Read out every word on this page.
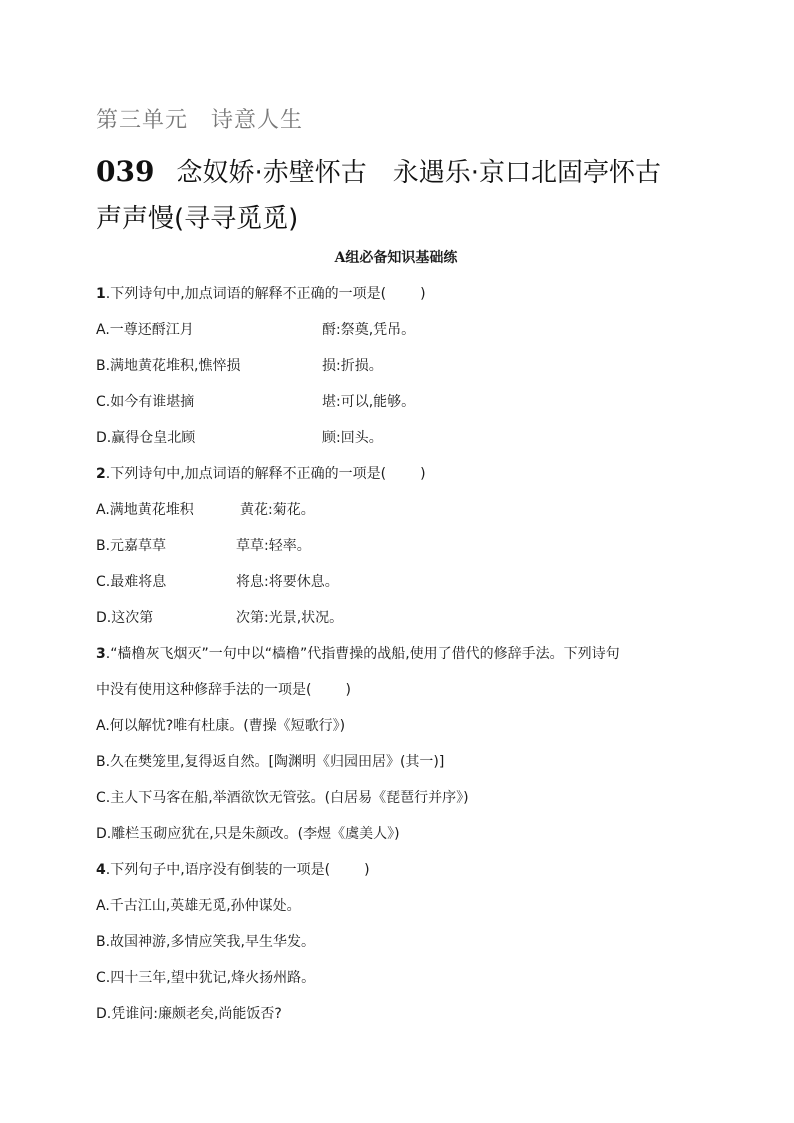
第三单元　诗意人生
039 念奴娇·赤壁怀古　永遇乐·京口北固亭怀古
声声慢(寻寻觅觅)
A组必备知识基础练
1.下列诗句中,加点词语的解释不正确的一项是( )
A.一尊还酹江月	酹:祭奠,凭吊。
B.满地黄花堆积,憔悴损	损:折损。
C.如今有谁堪摘	堪:可以,能够。
D.赢得仓皇北顾	顾:回头。
2.下列诗句中,加点词语的解释不正确的一项是( )
A.满地黄花堆积	黄花:菊花。
B.元嘉草草	草草:轻率。
C.最难将息	将息:将要休息。
D.这次第	次第:光景,状况。
3.“樯橹灰飞烟灭”一句中以“樯橹”代指曹操的战船,使用了借代的修辞手法。下列诗句
中没有使用这种修辞手法的一项是( )
A.何以解忧?唯有杜康。(曹操《短歌行》)
B.久在樊笼里,复得返自然。[陶渊明《归园田居》(其一)]
C.主人下马客在船,举酒欲饮无管弦。(白居易《琵琶行并序》)
D.雕栏玉砌应犹在,只是朱颜改。(李煜《虞美人》)
4.下列句子中,语序没有倒装的一项是( )
A.千古江山,英雄无觅,孙仲谋处。
B.故国神游,多情应笑我,早生华发。
C.四十三年,望中犹记,烽火扬州路。
D.凭谁问:廉颇老矣,尚能饭否?
